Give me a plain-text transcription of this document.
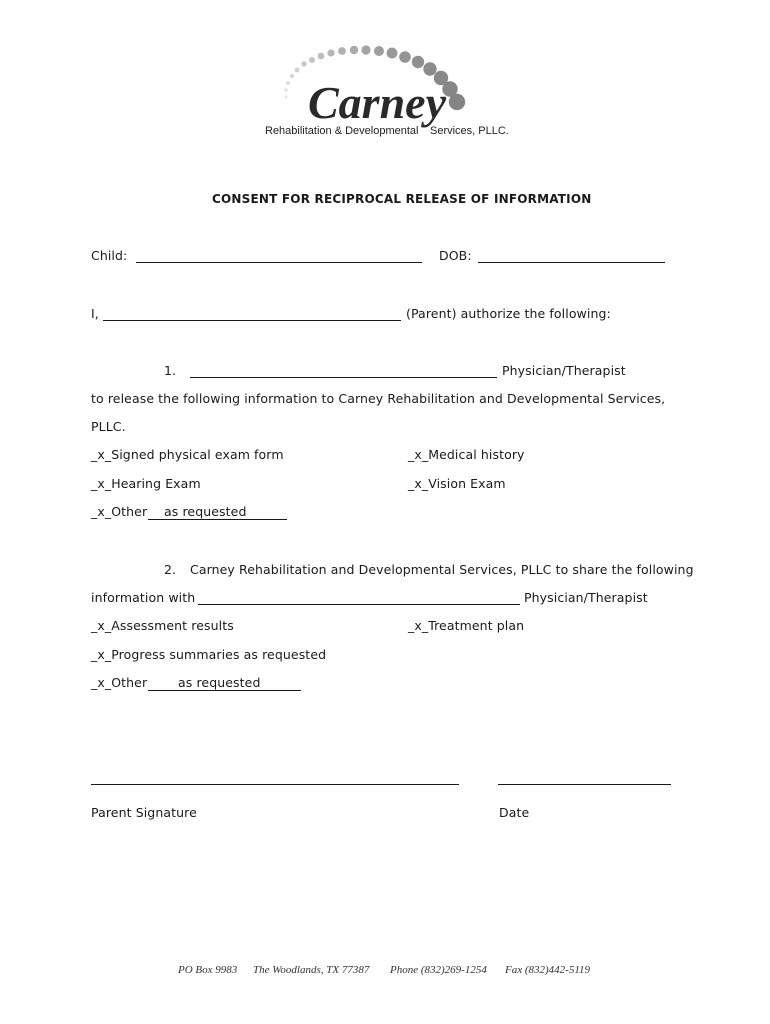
Carney
Rehabilitation & Developmental Services, PLLC.
CONSENT FOR RECIPROCAL RELEASE OF INFORMATION
Child:	DOB:
I,	(Parent) authorize the following:
1.	Physician/Therapist
to release the following information to Carney Rehabilitation and Developmental Services,
PLLC.
_x_Signed physical exam form	_x_Medical history
_x_Hearing Exam	_x_Vision Exam
_x_Other as requested
2. Carney Rehabilitation and Developmental Services, PLLC to share the following
information with	Physician/Therapist
_x_Assessment results	_x_Treatment plan
_x_Progress summaries as requested
_x_Other as requested
Parent Signature	Date
PO Box 9983 The Woodlands, TX 77387 Phone (832)269-1254 Fax (832)442-5119
